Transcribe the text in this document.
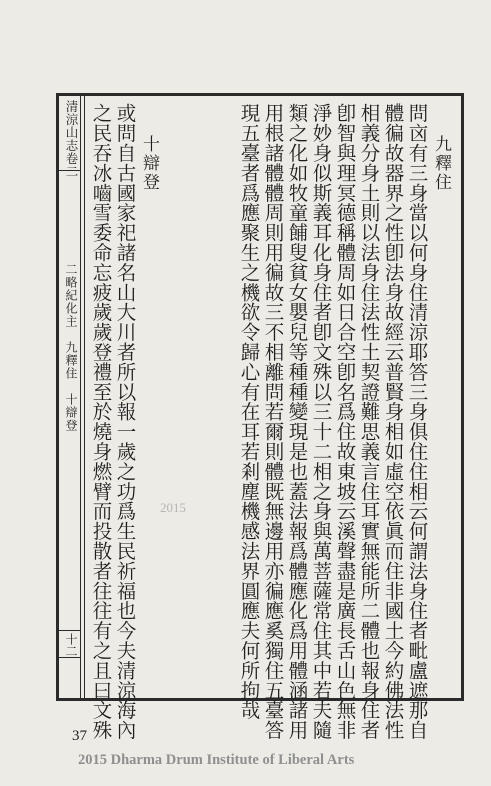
清涼山志卷二
二略紀化主　九釋住　十辯登
十二
九釋住
問㐫有三身當以何身住清涼耶答三身俱住住相云何謂法身住者毗盧遮那自
體徧故器界之性卽法身故經云普賢身相如虛空依眞而住非國土今約佛法性
相義分身土則以法身住法性土契證難思義言住耳實無能所二體也報身住者
卽智與理冥德稱體周如日合空卽名爲住故東坡云溪聲盡是廣長舌山色無非
淨妙身似斯義耳化身住者卽文殊以三十二相之身與萬菩薩常住其中若夫隨
類之化如牧童餔叟貧女嬰兒等種種變現是也蓋法報爲體應化爲用體涵諸用
用根諸體體周則用徧故三不相離問若爾則體既無邊用亦徧應奚獨住五臺答
現五臺者爲應聚生之機欲令歸心有在耳若剎塵機感法界圓應夫何所拘哉
十辯登
或問自古國家祀諸名山大川者所以報一歲之功爲生民祈福也今夫清涼海內
之民吞冰嚙雪委命忘疲歲歲登禮至於燒身燃臂而投散者往往有之且曰文殊	2015
37
2015 Dharma Drum Institute of Liberal Arts
